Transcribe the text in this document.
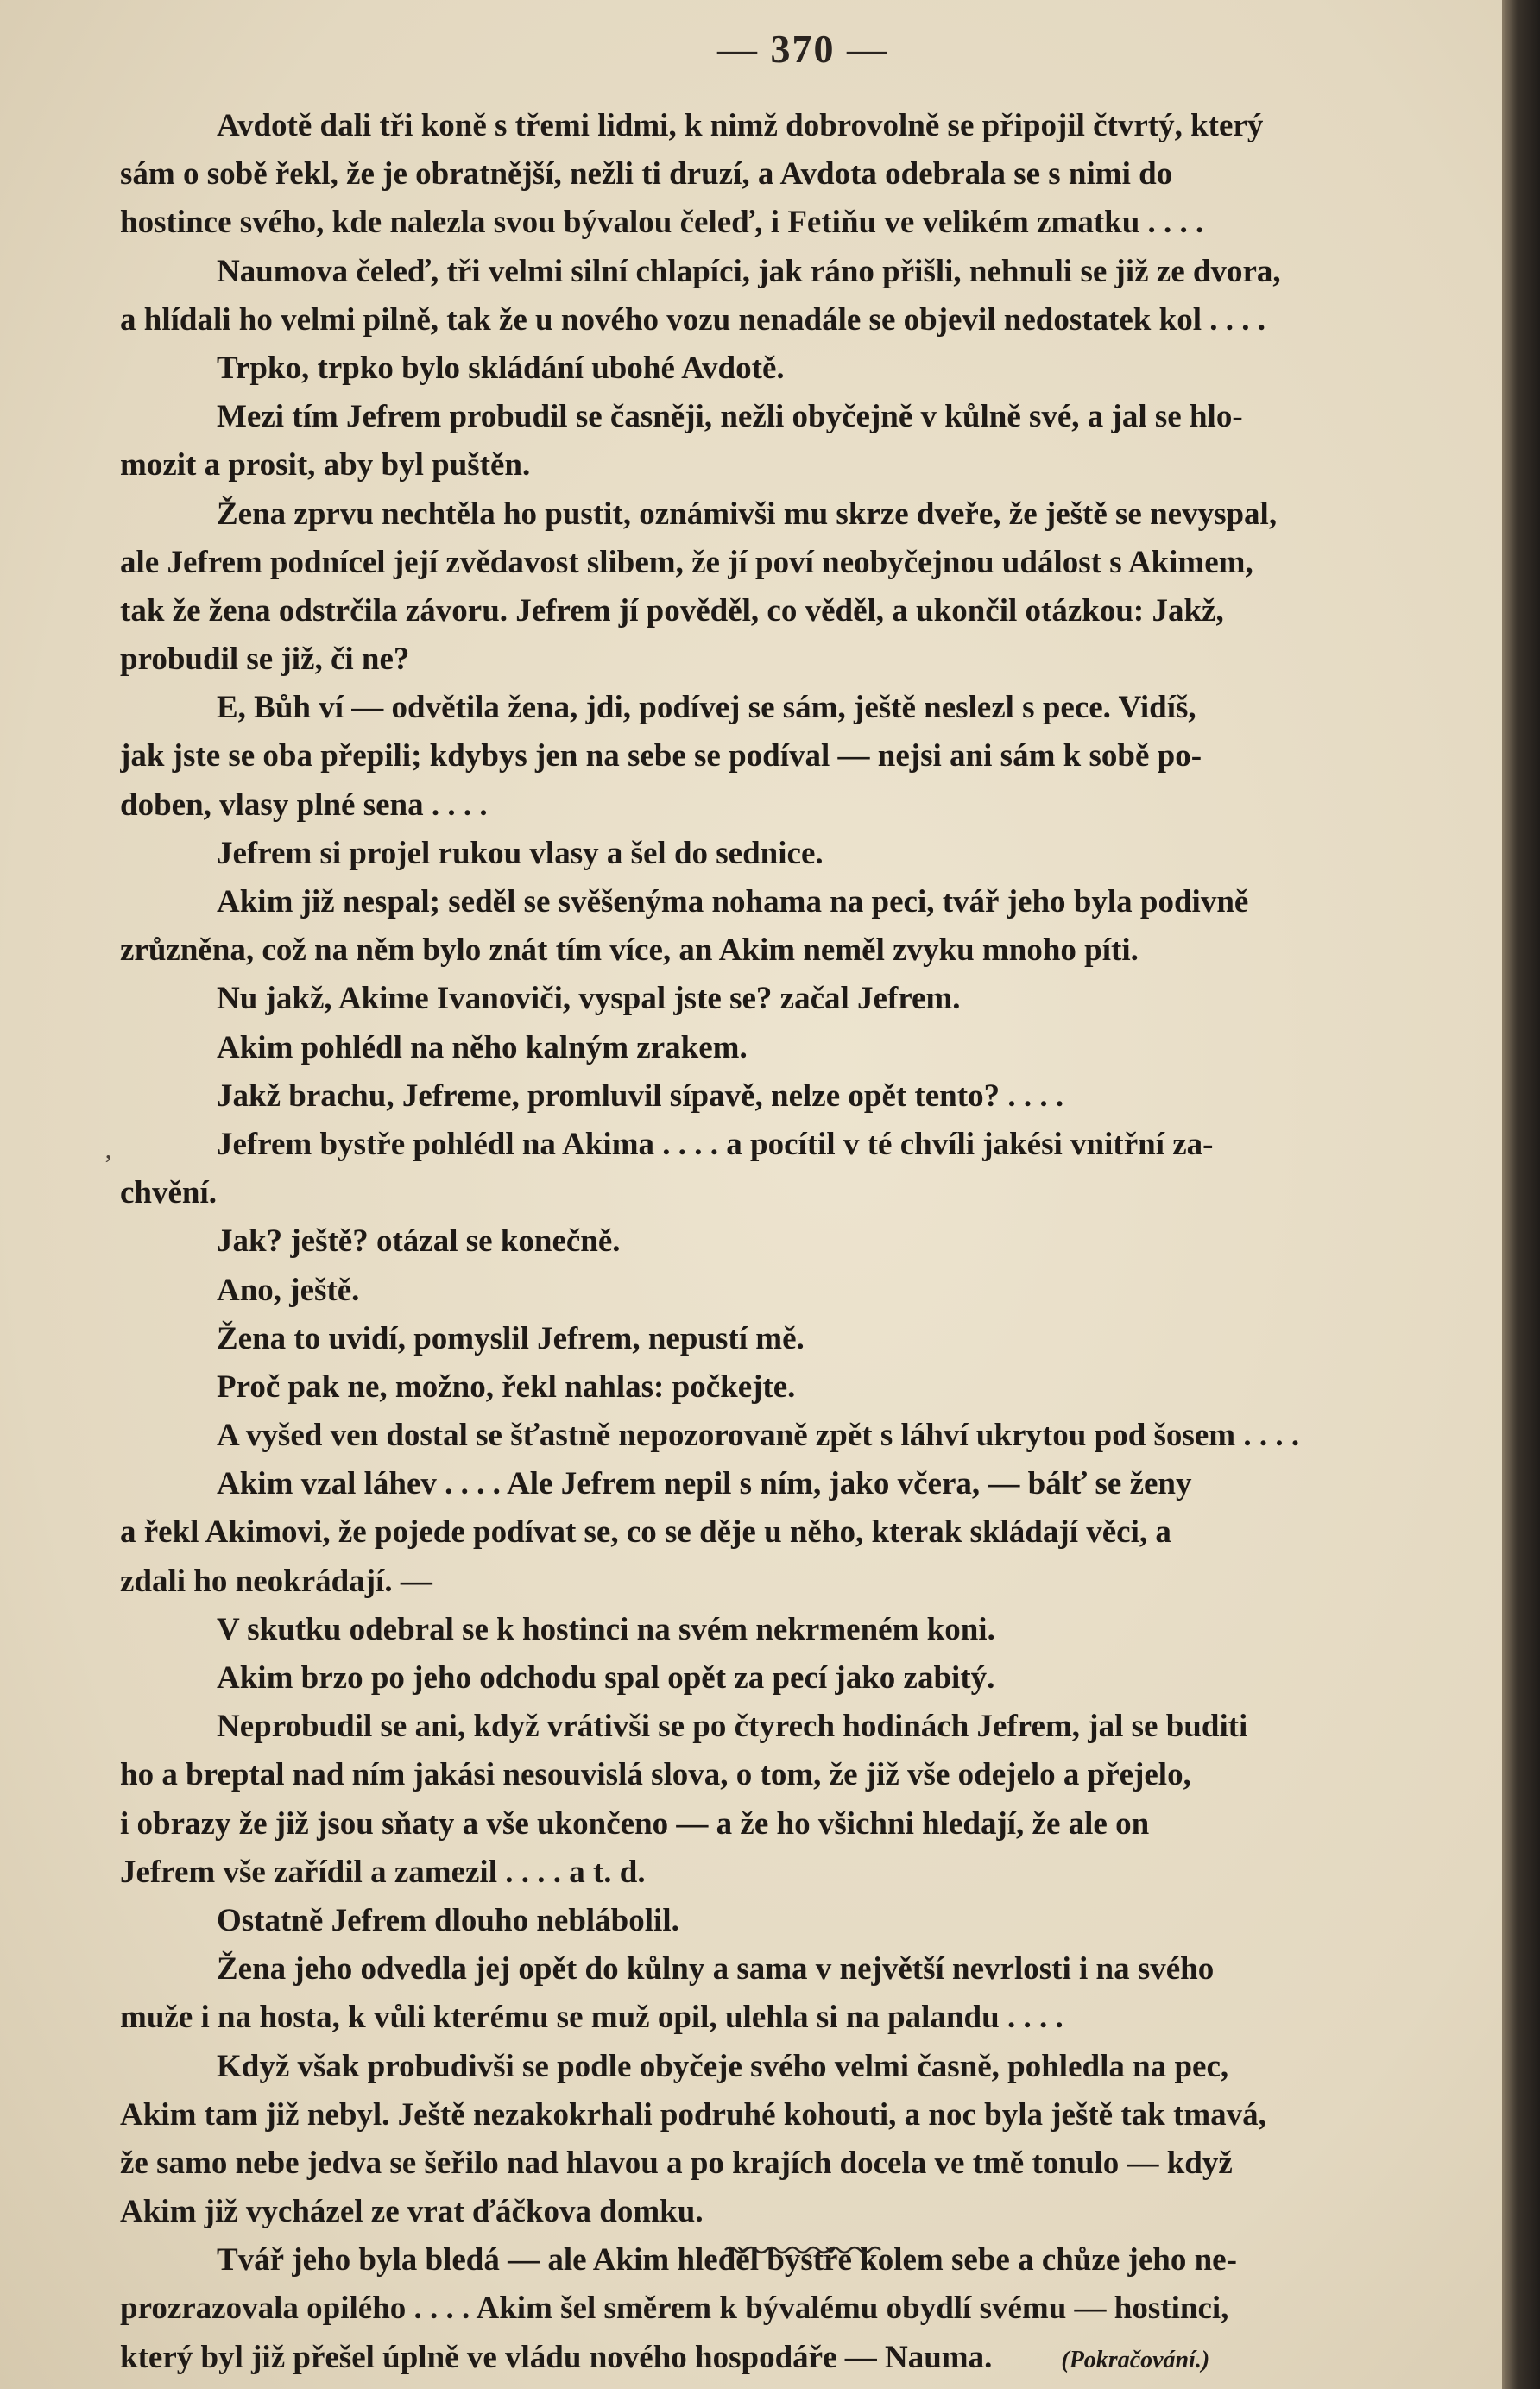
— 370 —
Avdotě dali tři koně s třemi lidmi, k nimž dobrovolně se připojil čtvrtý, který
sám o sobě řekl, že je obratnější, nežli ti druzí, a Avdota odebrala se s nimi do
hostince svého, kde nalezla svou bývalou čeleď, i Fetiňu ve velikém zmatku . . . .
Naumova čeleď, tři velmi silní chlapíci, jak ráno přišli, nehnuli se již ze dvora,
a hlídali ho velmi pilně, tak že u nového vozu nenadále se objevil nedostatek kol . . . .
Trpko, trpko bylo skládání ubohé Avdotě.
Mezi tím Jefrem probudil se časněji, nežli obyčejně v kůlně své, a jal se hlo-
mozit a prosit, aby byl puštěn.
Žena zprvu nechtěla ho pustit, oznámivši mu skrze dveře, že ještě se nevyspal,
ale Jefrem podnícel její zvědavost slibem, že jí poví neobyčejnou událost s Akimem,
tak že žena odstrčila závoru. Jefrem jí pověděl, co věděl, a ukončil otázkou: Jakž,
probudil se již, či ne?
E, Bůh ví — odvětila žena, jdi, podívej se sám, ještě neslezl s pece. Vidíš,
jak jste se oba přepili; kdybys jen na sebe se podíval — nejsi ani sám k sobě po-
doben, vlasy plné sena . . . .
Jefrem si projel rukou vlasy a šel do sednice.
Akim již nespal; seděl se svěšenýma nohama na peci, tvář jeho byla podivně
zrůzněna, což na něm bylo znát tím více, an Akim neměl zvyku mnoho píti.
Nu jakž, Akime Ivanoviči, vyspal jste se? začal Jefrem.
Akim pohlédl na něho kalným zrakem.
Jakž brachu, Jefreme, promluvil sípavě, nelze opět tento? . . . .
Jefrem bystře pohlédl na Akima . . . . a pocítil v té chvíli jakési vnitřní za-
chvění.
Jak? ještě? otázal se konečně.
Ano, ještě.
Žena to uvidí, pomyslil Jefrem, nepustí mě.
Proč pak ne, možno, řekl nahlas: počkejte.
A vyšed ven dostal se šťastně nepozorovaně zpět s láhví ukrytou pod šosem . . . .
Akim vzal láhev . . . . Ale Jefrem nepil s ním, jako včera, — bálť se ženy
a řekl Akimovi, že pojede podívat se, co se děje u něho, kterak skládají věci, a
zdali ho neokrádají. —
V skutku odebral se k hostinci na svém nekrmeném koni.
Akim brzo po jeho odchodu spal opět za pecí jako zabitý.
Neprobudil se ani, když vrátivši se po čtyrech hodinách Jefrem, jal se buditi
ho a breptal nad ním jakási nesouvislá slova, o tom, že již vše odejelo a přejelo,
i obrazy že již jsou sňaty a vše ukončeno — a že ho všichni hledají, že ale on
Jefrem vše zařídil a zamezil . . . . a t. d.
Ostatně Jefrem dlouho neblábolil.
Žena jeho odvedla jej opět do kůlny a sama v největší nevrlosti i na svého
muže i na hosta, k vůli kterému se muž opil, ulehla si na palandu . . . .
Když však probudivši se podle obyčeje svého velmi časně, pohledla na pec,
Akim tam již nebyl. Ještě nezakokrhali podruhé kohouti, a noc byla ještě tak tmavá,
že samo nebe jedva se šeřilo nad hlavou a po krajích docela ve tmě tonulo — když
Akim již vycházel ze vrat ďáčkova domku.
Tvář jeho byla bledá — ale Akim hleděl bystře kolem sebe a chůze jeho ne-
prozrazovala opilého . . . . Akim šel směrem k bývalému obydlí svému — hostinci,
který byl již přešel úplně ve vládu nového hospodáře — Nauma.	(Pokračování.)
ʼ
